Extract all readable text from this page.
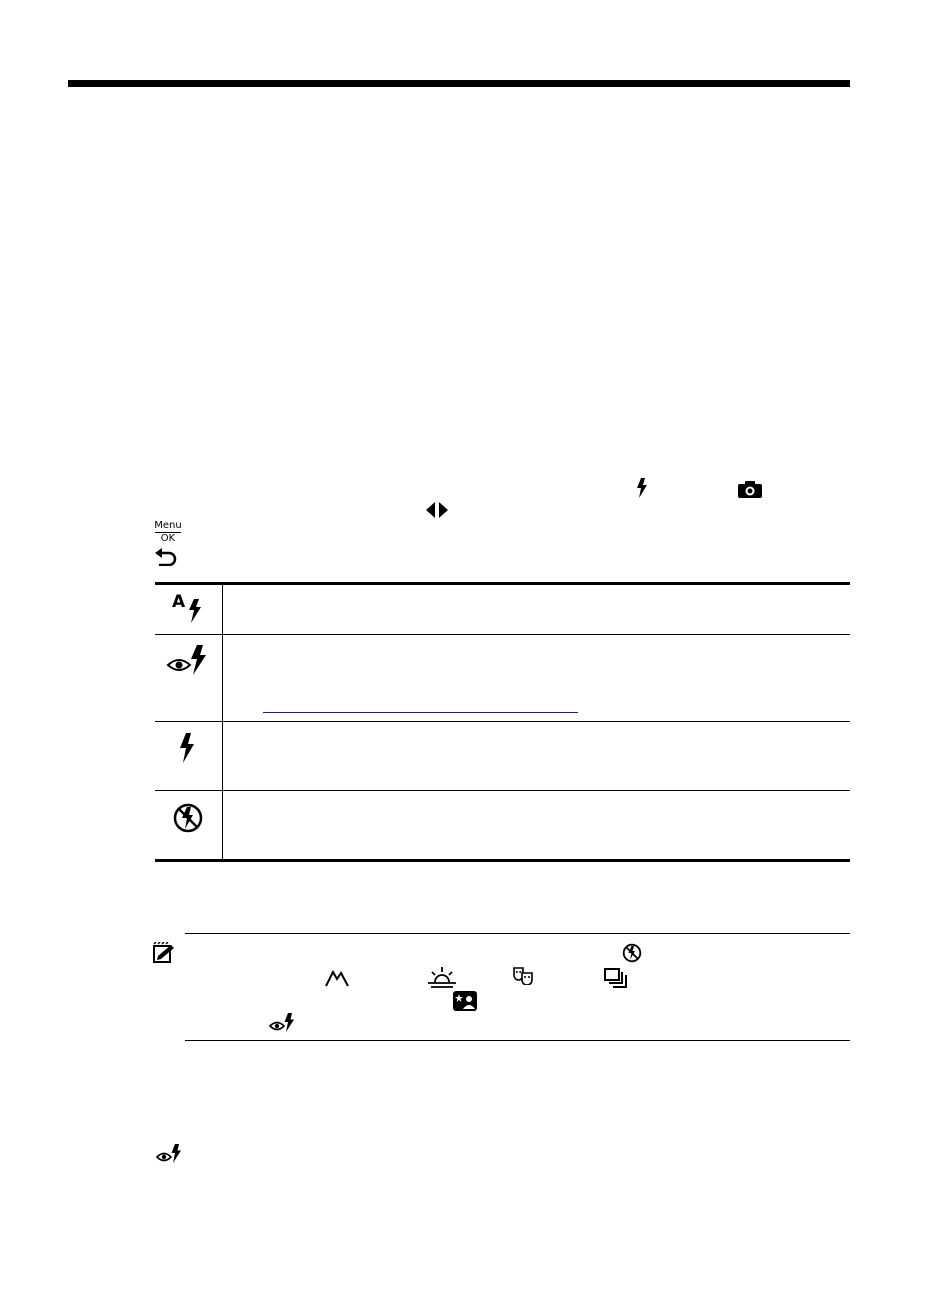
Menu
OK
A
